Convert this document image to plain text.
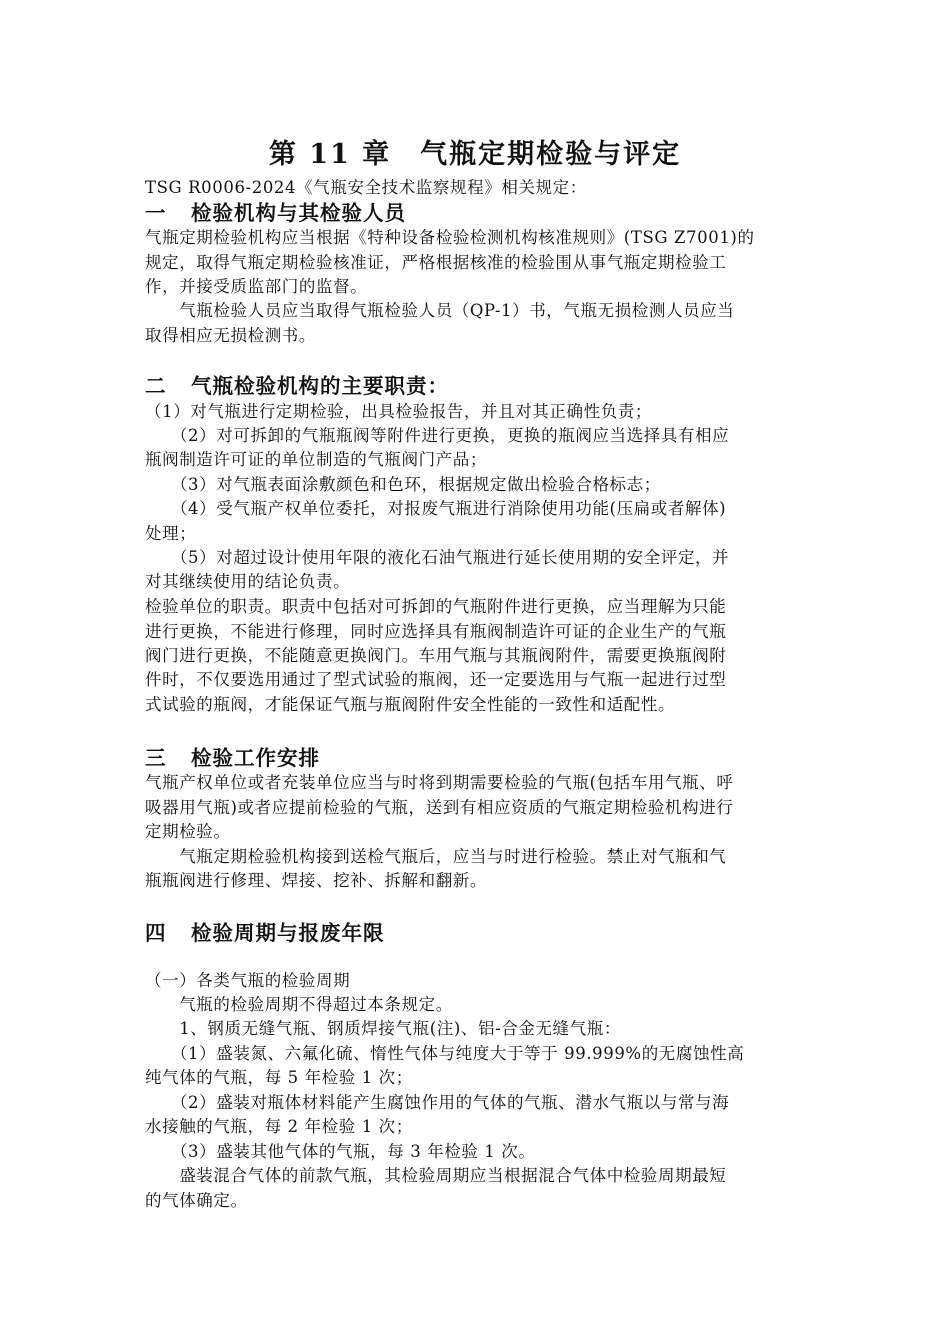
第 11 章　气瓶定期检验与评定
TSG R0006-2024《气瓶安全技术监察规程》相关规定：
一 检验机构与其检验人员
气瓶定期检验机构应当根据《特种设备检验检测机构核准规则》(TSG Z7001)的
规定，取得气瓶定期检验核准证，严格根据核准的检验围从事气瓶定期检验工
作，并接受质监部门的监督。
　　气瓶检验人员应当取得气瓶检验人员（QP-1）书，气瓶无损检测人员应当
取得相应无损检测书。
二 气瓶检验机构的主要职责：
（1）对气瓶进行定期检验，出具检验报告，并且对其正确性负责；
　　（2）对可拆卸的气瓶瓶阀等附件进行更换，更换的瓶阀应当选择具有相应
瓶阀制造许可证的单位制造的气瓶阀门产品；
　　（3）对气瓶表面涂敷颜色和色环，根据规定做出检验合格标志；
　　（4）受气瓶产权单位委托，对报废气瓶进行消除使用功能(压扁或者解体)
处理；
　　（5）对超过设计使用年限的液化石油气瓶进行延长使用期的安全评定，并
对其继续使用的结论负责。
检验单位的职责。职责中包括对可拆卸的气瓶附件进行更换，应当理解为只能
进行更换，不能进行修理，同时应选择具有瓶阀制造许可证的企业生产的气瓶
阀门进行更换，不能随意更换阀门。车用气瓶与其瓶阀附件，需要更换瓶阀附
件时，不仅要选用通过了型式试验的瓶阀，还一定要选用与气瓶一起进行过型
式试验的瓶阀，才能保证气瓶与瓶阀附件安全性能的一致性和适配性。
三 检验工作安排
气瓶产权单位或者充装单位应当与时将到期需要检验的气瓶(包括车用气瓶、呼
吸器用气瓶)或者应提前检验的气瓶，送到有相应资质的气瓶定期检验机构进行
定期检验。
　　气瓶定期检验机构接到送检气瓶后，应当与时进行检验。禁止对气瓶和气
瓶瓶阀进行修理、焊接、挖补、拆解和翻新。
四 检验周期与报废年限
（一）各类气瓶的检验周期
　　气瓶的检验周期不得超过本条规定。
　　1、钢质无缝气瓶、钢质焊接气瓶(注)、铝-合金无缝气瓶：
　　（1）盛装氮、六氟化硫、惰性气体与纯度大于等于 99.999%的无腐蚀性高
纯气体的气瓶，每 5 年检验 1 次；
　　（2）盛装对瓶体材料能产生腐蚀作用的气体的气瓶、潜水气瓶以与常与海
水接触的气瓶，每 2 年检验 1 次；
　　（3）盛装其他气体的气瓶，每 3 年检验 1 次。
　　盛装混合气体的前款气瓶，其检验周期应当根据混合气体中检验周期最短
的气体确定。
